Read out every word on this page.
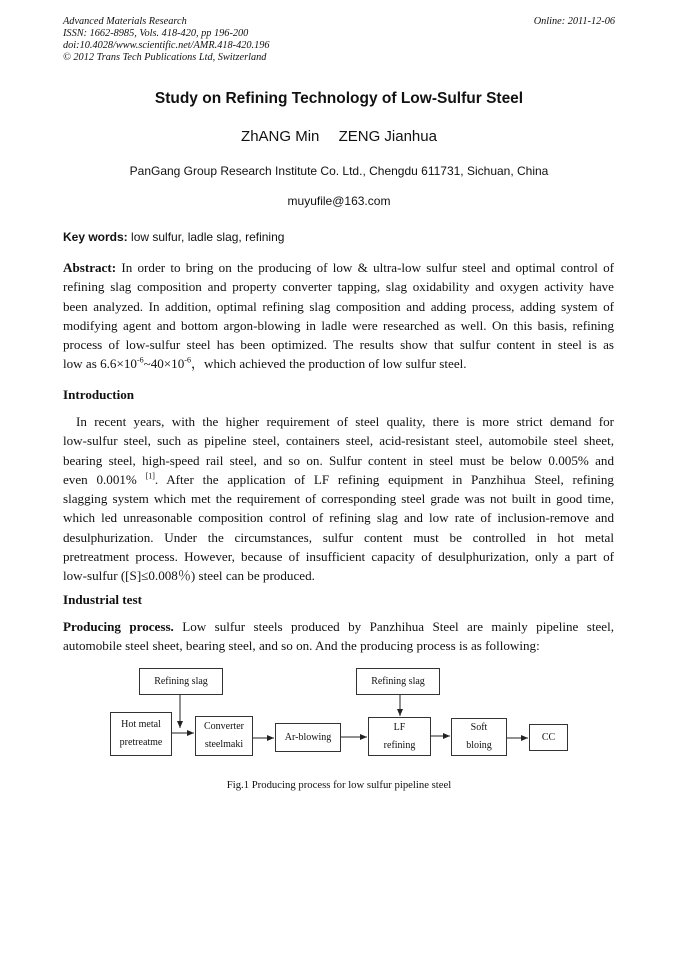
Advanced Materials Research
ISSN: 1662-8985, Vols. 418-420, pp 196-200
doi:10.4028/www.scientific.net/AMR.418-420.196
© 2012 Trans Tech Publications Ltd, Switzerland
Online: 2011-12-06
Study on Refining Technology of Low-Sulfur Steel
ZhANG Min ZENG Jianhua
PanGang Group Research Institute Co. Ltd., Chengdu 611731, Sichuan, China
muyufile@163.com
Key words: low sulfur, ladle slag, refining
Abstract: In order to bring on the producing of low & ultra-low sulfur steel and optimal control of
refining slag composition and property converter tapping, slag oxidability and oxygen activity have
been analyzed. In addition, optimal refining slag composition and adding process, adding system of
modifying agent and bottom argon-blowing in ladle were researched as well. On this basis, refining
process of low-sulfur steel has been optimized. The results show that sulfur content in steel is as
low as $6.6\times 10^{-6}\sim 40\times 10^{-6}$，which achieved the production of low sulfur steel.
Introduction
In recent years, with the higher requirement of steel quality, there is more strict demand for
low-sulfur steel, such as pipeline steel, containers steel, acid-resistant steel, automobile steel sheet,
bearing steel, high-speed rail steel, and so on. Sulfur content in steel must be below 0.005% and
even 0.001% [1]. After the application of LF refining equipment in Panzhihua Steel, refining
slagging system which met the requirement of corresponding steel grade was not built in good time,
which led unreasonable composition control of refining slag and low rate of inclusion-remove and
desulphurization. Under the circumstances, sulfur content must be controlled in hot metal
pretreatment process. However, because of insufficient capacity of desulphurization, only a part of
low-sulfur ([S]≤0.008％) steel can be produced.
Industrial test
Producing process. Low sulfur steels produced by Panzhihua Steel are mainly pipeline steel,
automobile steel sheet, bearing steel, and so on. And the producing process is as following:
Refining slag	Refining slag
Hot metal
pretreatme
Converter
steelmaki
Ar-blowing
LF
refining
Soft
bloing
CC
Fig.1 Producing process for low sulfur pipeline steel
